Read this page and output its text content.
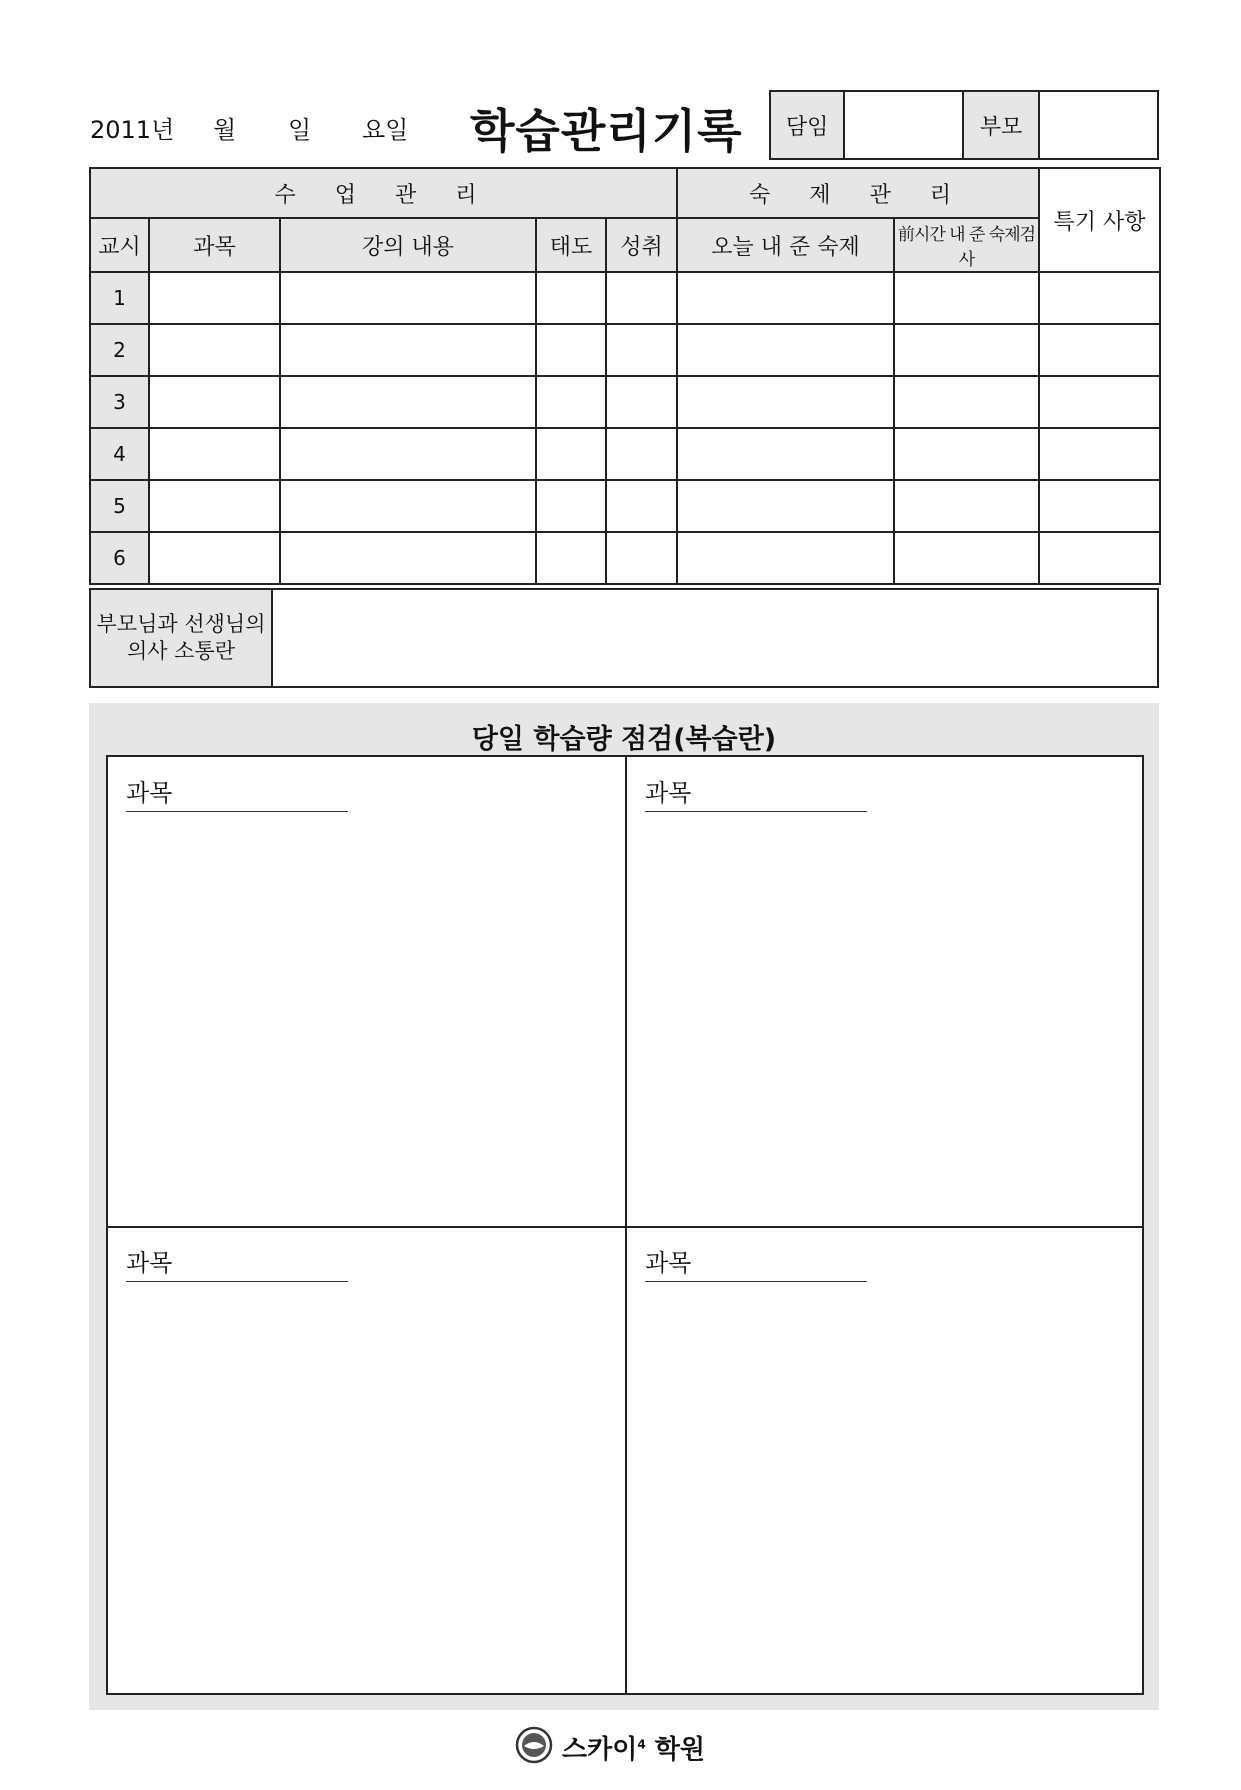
2011년 월 일 요일 학습관리기록	담임	부모
수 업 관 리					숙 제 관 리		특기 사항
교시	과목	강의 내용	태도	성취	오늘 내 준 숙제	前시간 내 준 숙제검사	
1							
2							
3							
4							
5							
6							
부모님과 선생님의
의사 소통란
당일 학습량 점검(복습란)
과목	과목
과목	과목
스카이$^4$ 학원
